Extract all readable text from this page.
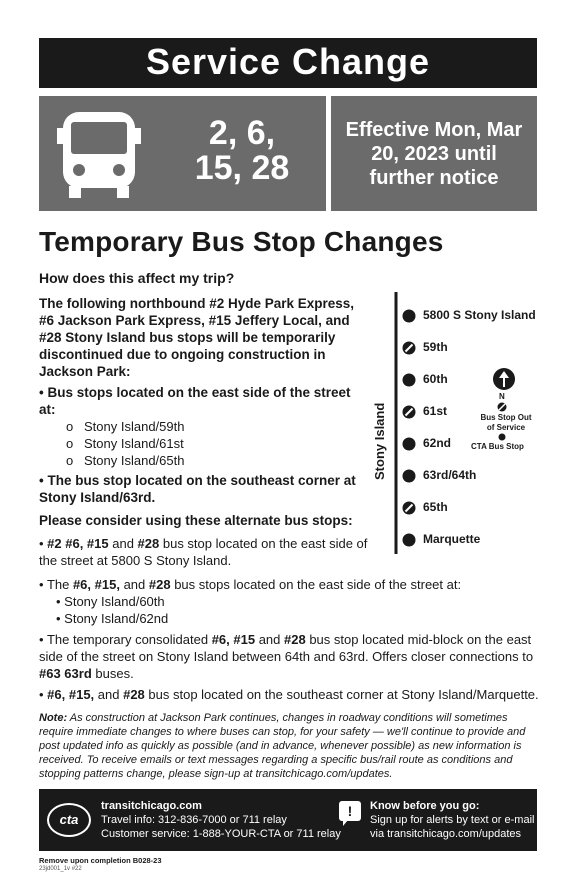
Service Change
2, 6,
15, 28
Effective Mon, Mar 20, 2023 until further notice
Temporary Bus Stop Changes
How does this affect my trip?
The following northbound #2 Hyde Park Express, #6 Jackson Park Express, #15 Jeffery Local, and #28 Stony Island bus stops will be temporarily discontinued due to ongoing construction in Jackson Park:
• Bus stops located on the east side of the street at:
o Stony Island/59th
o Stony Island/61st
o Stony Island/65th
• The bus stop located on the southeast corner at Stony Island/63rd.
Please consider using these alternate bus stops:
• #2 #6, #15 and #28 bus stop located on the east side of the street at 5800 S Stony Island.
• The #6, #15, and #28 bus stops located on the east side of the street at:
• Stony Island/60th
• Stony Island/62nd
• The temporary consolidated #6, #15 and #28 bus stop located mid-block on the east side of the street on Stony Island between 64th and 63rd. Offers closer connections to #63 63rd buses.
• #6, #15, and #28 bus stop located on the southeast corner at Stony Island/Marquette.
Note: As construction at Jackson Park continues, changes in roadway conditions will sometimes require immediate changes to where buses can stop, for your safety — we'll continue to provide and post updated info as quickly as possible (and in advance, whenever possible) as new information is received. To receive emails or text messages regarding a specific bus/rail route as conditions and stopping patterns change, please sign-up at transitchicago.com/updates.
Stony Island
5800 S Stony Island
59th
60th
61st
62nd
63rd/64th
65th
Marquette
N
Bus Stop Out of Service
CTA Bus Stop
cta
transitchicago.com
Travel info: 312-836-7000 or 711 relay
Customer service: 1-888-YOUR-CTA or 711 relay
!	Know before you go:
Sign up for alerts by text or e-mail
via transitchicago.com/updates
Remove upon completion B028-23
23jd001_1v #22
